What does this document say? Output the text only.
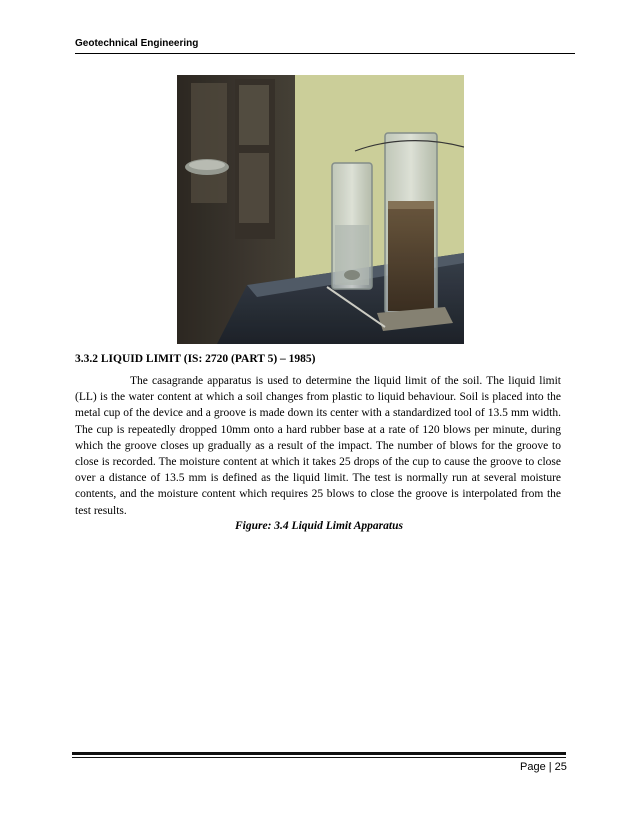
Geotechnical Engineering
3.3.2 LIQUID LIMIT (IS: 2720 (PART 5) – 1985)
The casagrande apparatus is used to determine the liquid limit of the soil. The liquid limit (LL) is the water content at which a soil changes from plastic to liquid behaviour. Soil is placed into the metal cup of the device and a groove is made down its center with a standardized tool of 13.5 mm width. The cup is repeatedly dropped 10mm onto a hard rubber base at a rate of 120 blows per minute, during which the groove closes up gradually as a result of the impact. The number of blows for the groove to close is recorded. The moisture content at which it takes 25 drops of the cup to cause the groove to close over a distance of 13.5 mm is defined as the liquid limit. The test is normally run at several moisture contents, and the moisture content which requires 25 blows to close the groove is interpolated from the test results.
Figure: 3.4 Liquid Limit Apparatus
Page | 25
